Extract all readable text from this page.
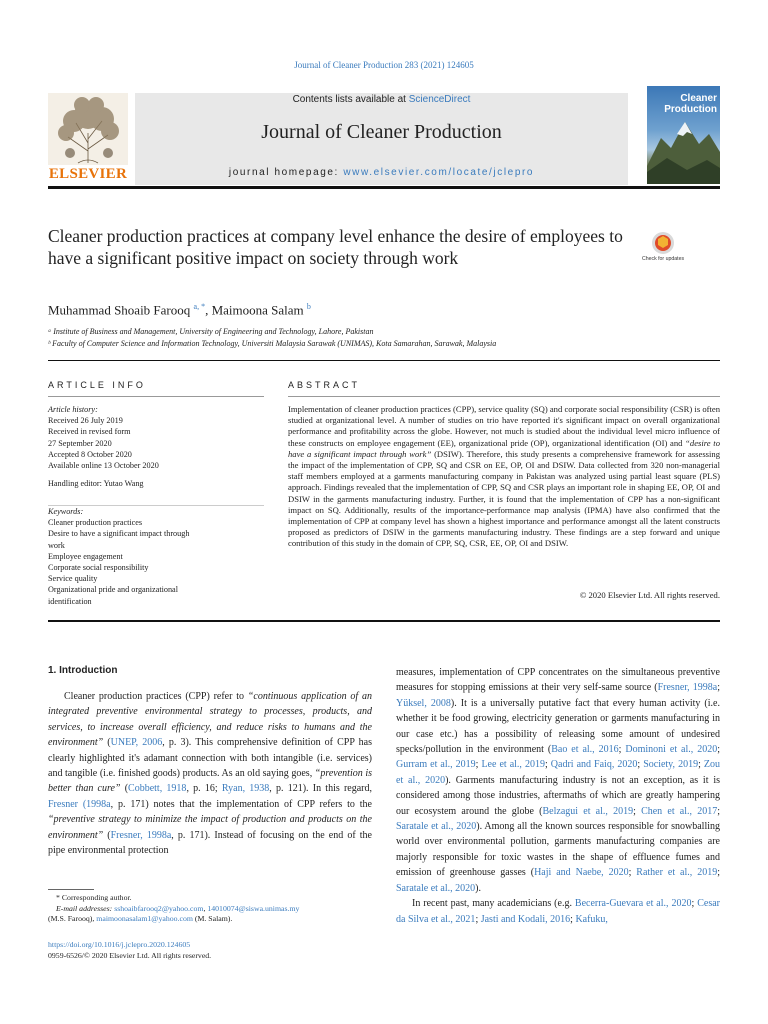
Journal of Cleaner Production 283 (2021) 124605
ELSEVIER
Contents lists available at ScienceDirect
Journal of Cleaner Production
journal homepage: www.elsevier.com/locate/jclepro
Cleaner
Production
Cleaner production practices at company level enhance the desire of employees to have a significant positive impact on society through work	Check for updates
Muhammad Shoaib Farooq $^{a, *}$, Maimoona Salam $^b$
ᵃ Institute of Business and Management, University of Engineering and Technology, Lahore, Pakistan
ᵇ Faculty of Computer Science and Information Technology, Universiti Malaysia Sarawak (UNIMAS), Kota Samarahan, Sarawak, Malaysia
ARTICLE INFO	ABSTRACT
Article history:
Received 26 July 2019
Received in revised form
27 September 2020
Accepted 8 October 2020
Available online 13 October 2020
Handling editor: Yutao Wang
Keywords:
Cleaner production practices
Desire to have a significant impact through
work
Employee engagement
Corporate social responsibility
Service quality
Organizational pride and organizational
identification
Implementation of cleaner production practices (CPP), service quality (SQ) and corporate social responsibility (CSR) is often studied at organizational level. A number of studies on trio have reported it's significant impact on overall organizational performance and profitability across the globe. However, not much is studied about the individual level micro influence of these constructs on employee engagement (EE), organizational pride (OP), organizational identification (OI) and “desire to have a significant impact through work” (DSIW). Therefore, this study presents a comprehensive framework for assessing the impact of the implementation of CPP, SQ and CSR on EE, OP, OI and DSIW. Data collected from 320 non-managerial staff members employed at a garments manufacturing company in Pakistan was analyzed using partial least square (PLS) approach. Findings revealed that the implementation of CPP, SQ and CSR plays an important role in shaping EE, OP, OI and DSIW in the garments manufacturing industry. Further, it is found that the implementation of CPP has a non-significant impact on SQ. Additionally, results of the importance-performance map analysis (IPMA) have also confirmed that the implementation of CPP at company level has shown a highest importance and performance amongst all the latent constructs proposed as predictors of DSIW in the garments manufacturing industry. These findings are a step forward and unique contribution of this study in the domain of CPP, SQ, CSR, EE, OP, OI and DSIW.
© 2020 Elsevier Ltd. All rights reserved.
1. Introduction
Cleaner production practices (CPP) refer to “continuous application of an integrated preventive environmental strategy to processes, products, and services, to increase overall efficiency, and reduce risks to humans and the environment” (UNEP, 2006, p. 3). This comprehensive definition of CPP has clearly highlighted it's adamant connection with both intangible (i.e. services) and tangible (i.e. finished goods) products. As an old saying goes, “prevention is better than cure” (Cobbett, 1918, p. 16; Ryan, 1938, p. 121). In this regard, Fresner (1998a, p. 171) notes that the implementation of CPP refers to the “preventive strategy to minimize the impact of production and products on the environment” (Fresner, 1998a, p. 171). Instead of focusing on the end of the pipe environmental protection

measures, implementation of CPP concentrates on the simultaneous preventive measures for stopping emissions at their very self-same source (Fresner, 1998a; Yüksel, 2008). It is a universally putative fact that every human activity (i.e. whether it be food growing, electricity generation or garments manufacturing in our case etc.) has a possibility of releasing some amount of undesired specks/pollution in the environment (Bao et al., 2016; Dominoni et al., 2020; Gurram et al., 2019; Lee et al., 2019; Qadri and Faiq, 2020; Society, 2019; Zou et al., 2020). Garments manufacturing industry is not an exception, as it is considered among those industries, aftermaths of which are greatly hampering our ecosystem around the globe (Belzagui et al., 2019; Chen et al., 2017; Saratale et al., 2020). Among all the known sources responsible for snowballing world over environmental pollution, garments manufacturing companies are majorly responsible for toxic wastes in the shape of effluence fumes and emission of greenhouse gasses (Haji and Naebe, 2020; Rather et al., 2019; Saratale et al., 2020).

In recent past, many academicians (e.g. Becerra-Guevara et al., 2020; Cesar da Silva et al., 2021; Jasti and Kodali, 2016; Kafuku,

* Corresponding author.
E-mail addresses: sshoaibfarooq2@yahoo.com, 14010074@siswa.unimas.my
(M.S. Farooq), maimoonasalam1@yahoo.com (M. Salam).
https://doi.org/10.1016/j.jclepro.2020.124605
0959-6526/© 2020 Elsevier Ltd. All rights reserved.
